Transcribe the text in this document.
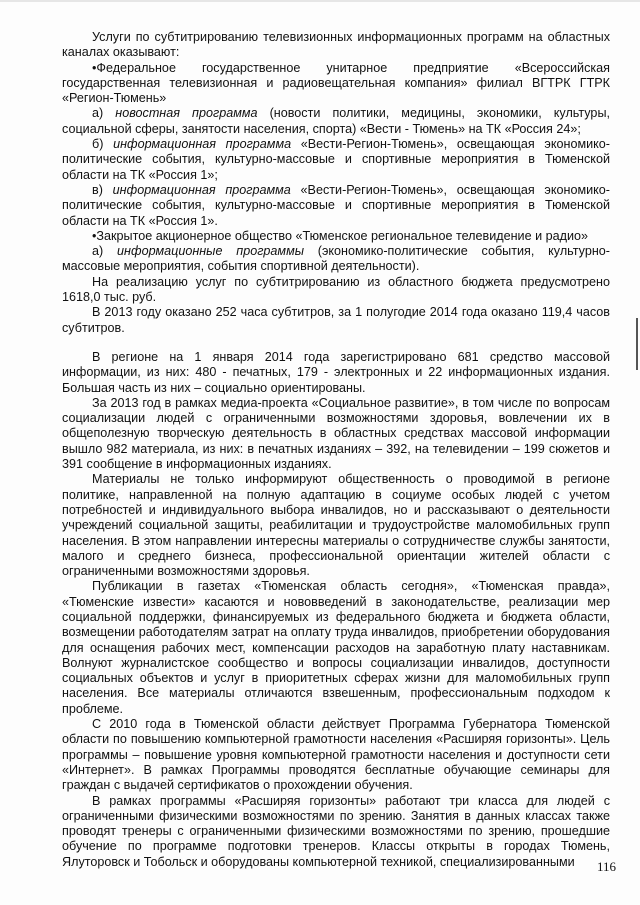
Услуги по субтитрированию телевизионных информационных программ на областных каналах оказывают:

•Федеральное государственное унитарное предприятие «Всероссийская государственная телевизионная и радиовещательная компания» филиал ВГТРК ГТРК «Регион-Тюмень»

а) новостная программа (новости политики, медицины, экономики, культуры, социальной сферы, занятости населения, спорта) «Вести - Тюмень» на ТК «Россия 24»;

б) информационная программа «Вести-Регион-Тюмень», освещающая экономико-политические события, культурно-массовые и спортивные мероприятия в Тюменской области на ТК «Россия 1»;

в) информационная программа «Вести-Регион-Тюмень», освещающая экономико-политические события, культурно-массовые и спортивные мероприятия в Тюменской области на ТК «Россия 1».

•Закрытое акционерное общество «Тюменское региональное телевидение и радио»

а) информационные программы (экономико-политические события, культурно-массовые мероприятия, события спортивной деятельности).

На реализацию услуг по субтитрированию из областного бюджета предусмотрено 1618,0 тыс. руб.

В 2013 году оказано 252 часа субтитров, за 1 полугодие 2014 года оказано 119,4 часов субтитров.

В регионе на 1 января 2014 года зарегистрировано 681 средство массовой информации, из них: 480 - печатных, 179 - электронных и 22 информационных издания. Большая часть из них – социально ориентированы.

За 2013 год в рамках медиа-проекта «Социальное развитие», в том числе по вопросам социализации людей с ограниченными возможностями здоровья, вовлечении их в общеполезную творческую деятельность в областных средствах массовой информации вышло 982 материала, из них: в печатных изданиях – 392, на телевидении – 199 сюжетов и 391 сообщение в информационных изданиях.

Материалы не только информируют общественность о проводимой в регионе политике, направленной на полную адаптацию в социуме особых людей с учетом потребностей и индивидуального выбора инвалидов, но и рассказывают о деятельности учреждений социальной защиты, реабилитации и трудоустройстве маломобильных групп населения. В этом направлении интересны материалы о сотрудничестве службы занятости, малого и среднего бизнеса, профессиональной ориентации жителей области с ограниченными возможностями здоровья.

Публикации в газетах «Тюменская область сегодня», «Тюменская правда», «Тюменские извести» касаются и нововведений в законодательстве, реализации мер социальной поддержки, финансируемых из федерального бюджета и бюджета области, возмещении работодателям затрат на оплату труда инвалидов, приобретении оборудования для оснащения рабочих мест, компенсации расходов на заработную плату наставникам. Волнуют журналистское сообщество и вопросы социализации инвалидов, доступности социальных объектов и услуг в приоритетных сферах жизни для маломобильных групп населения. Все материалы отличаются взвешенным, профессиональным подходом к проблеме.

С 2010 года в Тюменской области действует Программа Губернатора Тюменской области по повышению компьютерной грамотности населения «Расширяя горизонты». Цель программы – повышение уровня компьютерной грамотности населения и доступности сети «Интернет». В рамках Программы проводятся бесплатные обучающие семинары для граждан с выдачей сертификатов о прохождении обучения.

В рамках программы «Расширяя горизонты» работают три класса для людей с ограниченными физическими возможностями по зрению. Занятия в данных классах также проводят тренеры с ограниченными физическими возможностями по зрению, прошедшие обучение по программе подготовки тренеров. Классы открыты в городах Тюмень, Ялуторовск и Тобольск и оборудованы компьютерной техникой, специализированными	116
